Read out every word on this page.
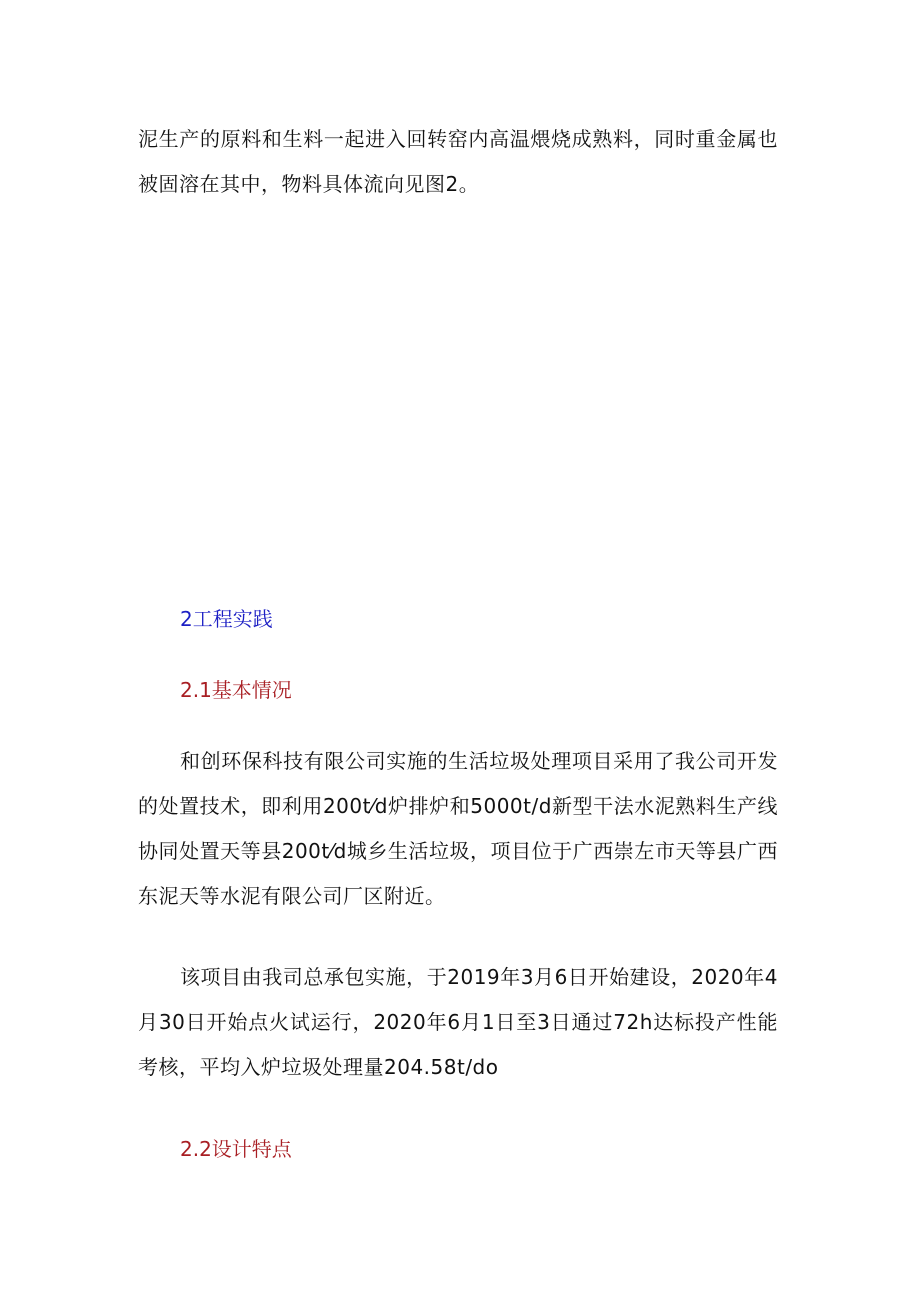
泥生产的原料和生料一起进入回转窑内高温煨烧成熟料，同时重金属也被固溶在其中，物料具体流向见图2。

2工程实践
2.1基本情况

和创环保科技有限公司实施的生活垃圾处理项目采用了我公司开发的处置技术，即利用200t⁄d炉排炉和5000t/d新型干法水泥熟料生产线协同处置天等县200t⁄d城乡生活垃圾，项目位于广西崇左市天等县广西东泥天等水泥有限公司厂区附近。

该项目由我司总承包实施，于2019年3月6日开始建设，2020年4月30日开始点火试运行，2020年6月1日至3日通过72h达标投产性能考核，平均入炉垃圾处理量204.58t/do

2.2设计特点
